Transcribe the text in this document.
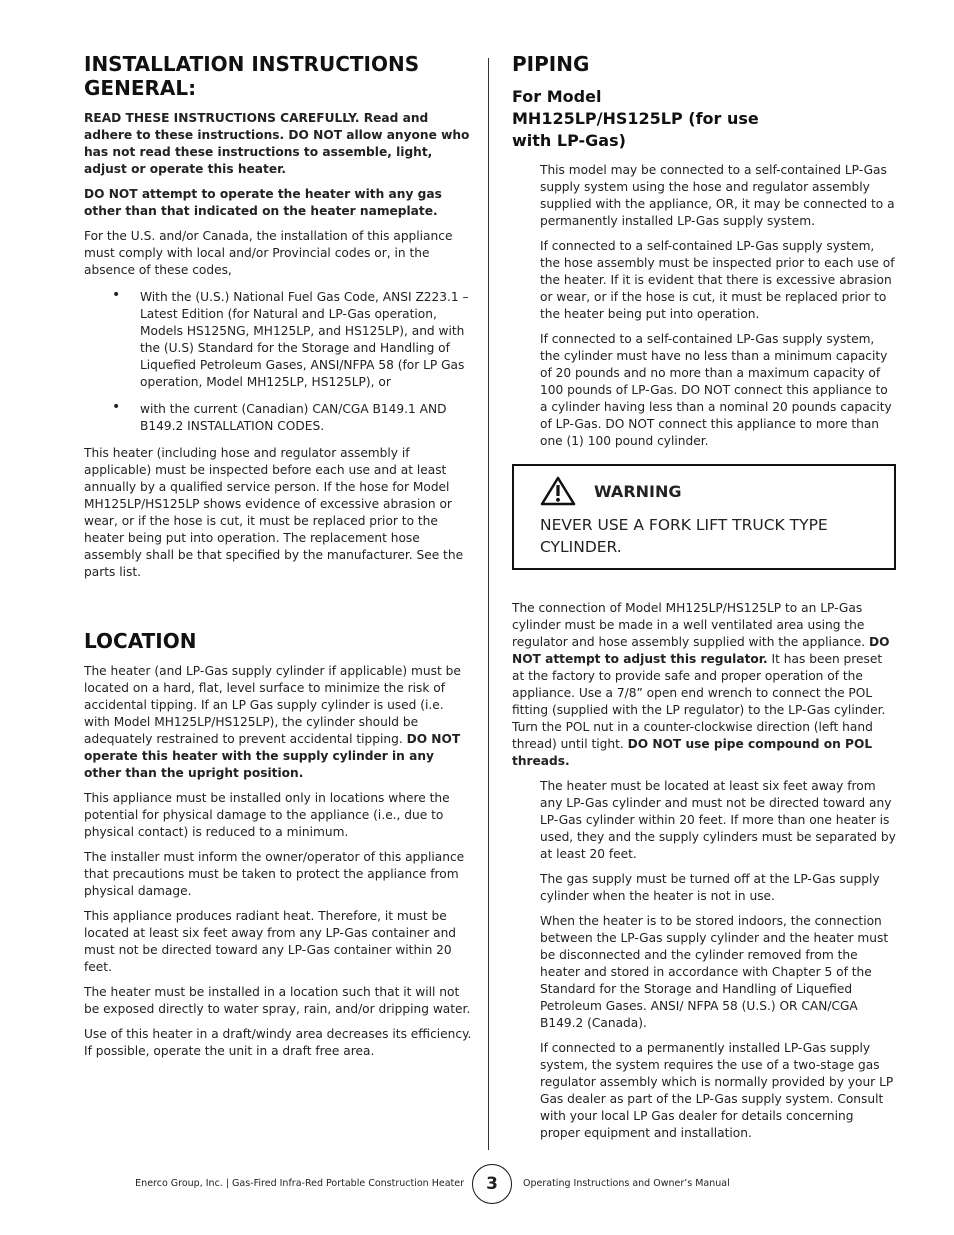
INSTALLATION INSTRUCTIONS GENERAL:

READ THESE INSTRUCTIONS CAREFULLY. Read and adhere to these instructions. DO NOT allow anyone who has not read these instructions to assemble, light, adjust or operate this heater.

DO NOT attempt to operate the heater with any gas other than that indicated on the heater nameplate.

For the U.S. and/or Canada, the installation of this appliance must comply with local and/or Provincial codes or, in the absence of these codes,

• With the (U.S.) National Fuel Gas Code, ANSI Z223.1 – Latest Edition (for Natural and LP-Gas operation, Models HS125NG, MH125LP, and HS125LP), and with the (U.S) Standard for the Storage and Handling of Liquefied Petroleum Gases, ANSI/NFPA 58 (for LP Gas operation, Model MH125LP, HS125LP), or
• with the current (Canadian) CAN/CGA B149.1 AND B149.2 INSTALLATION CODES.

This heater (including hose and regulator assembly if applicable) must be inspected before each use and at least annually by a qualified service person. If the hose for Model MH125LP/HS125LP shows evidence of excessive abrasion or wear, or if the hose is cut, it must be replaced prior to the heater being put into operation. The replacement hose assembly shall be that specified by the manufacturer. See the parts list.

LOCATION

The heater (and LP-Gas supply cylinder if applicable) must be located on a hard, flat, level surface to minimize the risk of accidental tipping. If an LP Gas supply cylinder is used (i.e. with Model MH125LP/HS125LP), the cylinder should be adequately restrained to prevent accidental tipping. DO NOT operate this heater with the supply cylinder in any other than the upright position.

This appliance must be installed only in locations where the potential for physical damage to the appliance (i.e., due to physical contact) is reduced to a minimum.

The installer must inform the owner/operator of this appliance that precautions must be taken to protect the appliance from physical damage.

This appliance produces radiant heat. Therefore, it must be located at least six feet away from any LP-Gas container and must not be directed toward any LP-Gas container within 20 feet.

The heater must be installed in a location such that it will not be exposed directly to water spray, rain, and/or dripping water.

Use of this heater in a draft/windy area decreases its efficiency. If possible, operate the unit in a draft free area.

PIPING
For Model MH125LP/HS125LP (for use with LP-Gas)

This model may be connected to a self-contained LP-Gas supply system using the hose and regulator assembly supplied with the appliance, OR, it may be connected to a permanently installed LP-Gas supply system.

If connected to a self-contained LP-Gas supply system, the hose assembly must be inspected prior to each use of the heater. If it is evident that there is excessive abrasion or wear, or if the hose is cut, it must be replaced prior to the heater being put into operation.

If connected to a self-contained LP-Gas supply system, the cylinder must have no less than a minimum capacity of 20 pounds and no more than a maximum capacity of 100 pounds of LP-Gas. DO NOT connect this appliance to a cylinder having less than a nominal 20 pounds capacity of LP-Gas. DO NOT connect this appliance to more than one (1) 100 pound cylinder.

WARNING

NEVER USE A FORK LIFT TRUCK TYPE CYLINDER.

The connection of Model MH125LP/HS125LP to an LP-Gas cylinder must be made in a well ventilated area using the regulator and hose assembly supplied with the appliance. DO NOT attempt to adjust this regulator. It has been preset at the factory to provide safe and proper operation of the appliance. Use a 7/8” open end wrench to connect the POL fitting (supplied with the LP regulator) to the LP-Gas cylinder. Turn the POL nut in a counter-clockwise direction (left hand thread) until tight. DO NOT use pipe compound on POL threads.

The heater must be located at least six feet away from any LP-Gas cylinder and must not be directed toward any LP-Gas cylinder within 20 feet. If more than one heater is used, they and the supply cylinders must be separated by at least 20 feet.

The gas supply must be turned off at the LP-Gas supply cylinder when the heater is not in use.

When the heater is to be stored indoors, the connection between the LP-Gas supply cylinder and the heater must be disconnected and the cylinder removed from the heater and stored in accordance with Chapter 5 of the Standard for the Storage and Handling of Liquefied Petroleum Gases. ANSI/ NFPA 58 (U.S.) OR CAN/CGA B149.2 (Canada).

If connected to a permanently installed LP-Gas supply system, the system requires the use of a two-stage gas regulator assembly which is normally provided by your LP Gas dealer as part of the LP-Gas supply system. Consult with your local LP Gas dealer for details concerning proper equipment and installation.

Enerco Group, Inc. | Gas-Fired Infra-Red Portable Construction Heater	3	Operating Instructions and Owner’s Manual
